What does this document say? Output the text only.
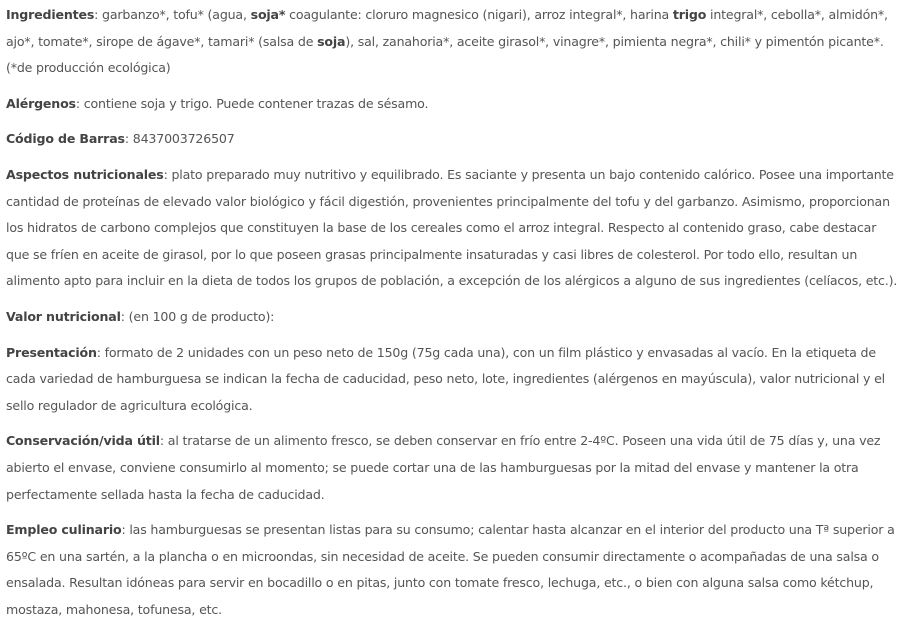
Ingredientes: garbanzo*, tofu* (agua, soja* coagulante: cloruro magnesico (nigari), arroz integral*, harina trigo integral*, cebolla*, almidón*, ajo*, tomate*, sirope de ágave*, tamari* (salsa de soja), sal, zanahoria*, aceite girasol*, vinagre*, pimienta negra*, chili* y pimentón picante*. (*de producción ecológica)

Alérgenos: contiene soja y trigo. Puede contener trazas de sésamo.

Código de Barras: 8437003726507

Aspectos nutricionales: plato preparado muy nutritivo y equilibrado. Es saciante y presenta un bajo contenido calórico. Posee una importante cantidad de proteínas de elevado valor biológico y fácil digestión, provenientes principalmente del tofu y del garbanzo. Asimismo, proporcionan los hidratos de carbono complejos que constituyen la base de los cereales como el arroz integral. Respecto al contenido graso, cabe destacar que se fríen en aceite de girasol, por lo que poseen grasas principalmente insaturadas y casi libres de colesterol. Por todo ello, resultan un alimento apto para incluir en la dieta de todos los grupos de población, a excepción de los alérgicos a alguno de sus ingredientes (celíacos, etc.).

Valor nutricional: (en 100 g de producto):

Presentación: formato de 2 unidades con un peso neto de 150g (75g cada una), con un film plástico y envasadas al vacío. En la etiqueta de cada variedad de hamburguesa se indican la fecha de caducidad, peso neto, lote, ingredientes (alérgenos en mayúscula), valor nutricional y el sello regulador de agricultura ecológica.

Conservación/vida útil: al tratarse de un alimento fresco, se deben conservar en frío entre 2-4ºC. Poseen una vida útil de 75 días y, una vez abierto el envase, conviene consumirlo al momento; se puede cortar una de las hamburguesas por la mitad del envase y mantener la otra perfectamente sellada hasta la fecha de caducidad.

Empleo culinario: las hamburguesas se presentan listas para su consumo; calentar hasta alcanzar en el interior del producto una Tª superior a 65ºC en una sartén, a la plancha o en microondas, sin necesidad de aceite. Se pueden consumir directamente o acompañadas de una salsa o ensalada. Resultan idóneas para servir en bocadillo o en pitas, junto con tomate fresco, lechuga, etc., o bien con alguna salsa como kétchup, mostaza, mahonesa, tofunesa, etc.
